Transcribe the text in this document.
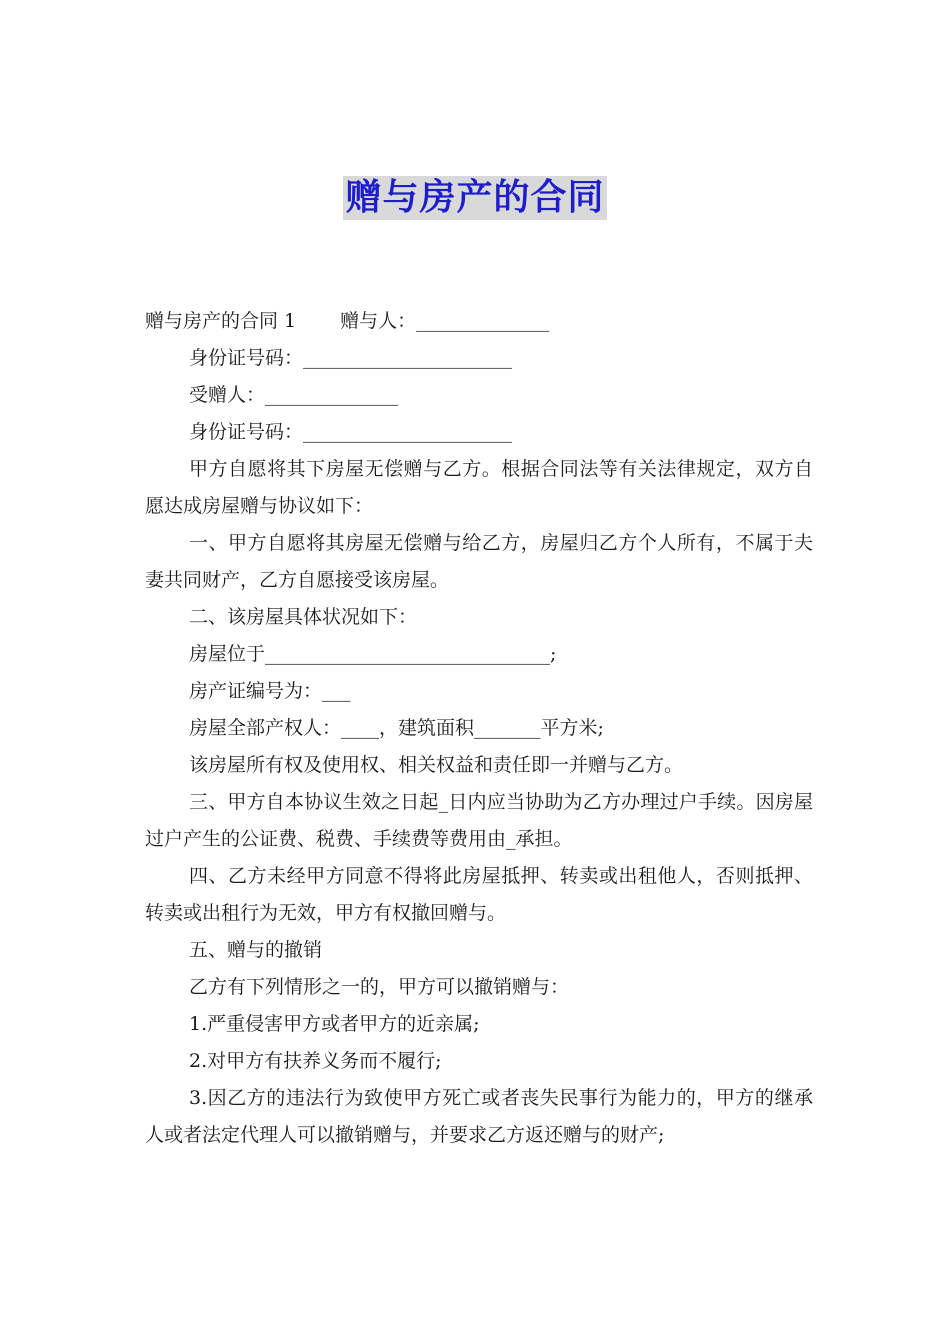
赠与房产的合同

赠与房产的合同 1 赠与人：______________

身份证号码：______________________

受赠人：______________

身份证号码：______________________

甲方自愿将其下房屋无偿赠与乙方。根据合同法等有关法律规定，双方自愿达成房屋赠与协议如下：

一、甲方自愿将其房屋无偿赠与给乙方，房屋归乙方个人所有，不属于夫妻共同财产，乙方自愿接受该房屋。

二、该房屋具体状况如下：

房屋位于______________________________;

房产证编号为：___

房屋全部产权人：____，建筑面积_______平方米;

该房屋所有权及使用权、相关权益和责任即一并赠与乙方。

三、甲方自本协议生效之日起_日内应当协助为乙方办理过户手续。因房屋过户产生的公证费、税费、手续费等费用由_承担。

四、乙方未经甲方同意不得将此房屋抵押、转卖或出租他人，否则抵押、转卖或出租行为无效，甲方有权撤回赠与。

五、赠与的撤销

乙方有下列情形之一的，甲方可以撤销赠与：

1.严重侵害甲方或者甲方的近亲属;

2.对甲方有扶养义务而不履行;

3.因乙方的违法行为致使甲方死亡或者丧失民事行为能力的，甲方的继承人或者法定代理人可以撤销赠与，并要求乙方返还赠与的财产;
